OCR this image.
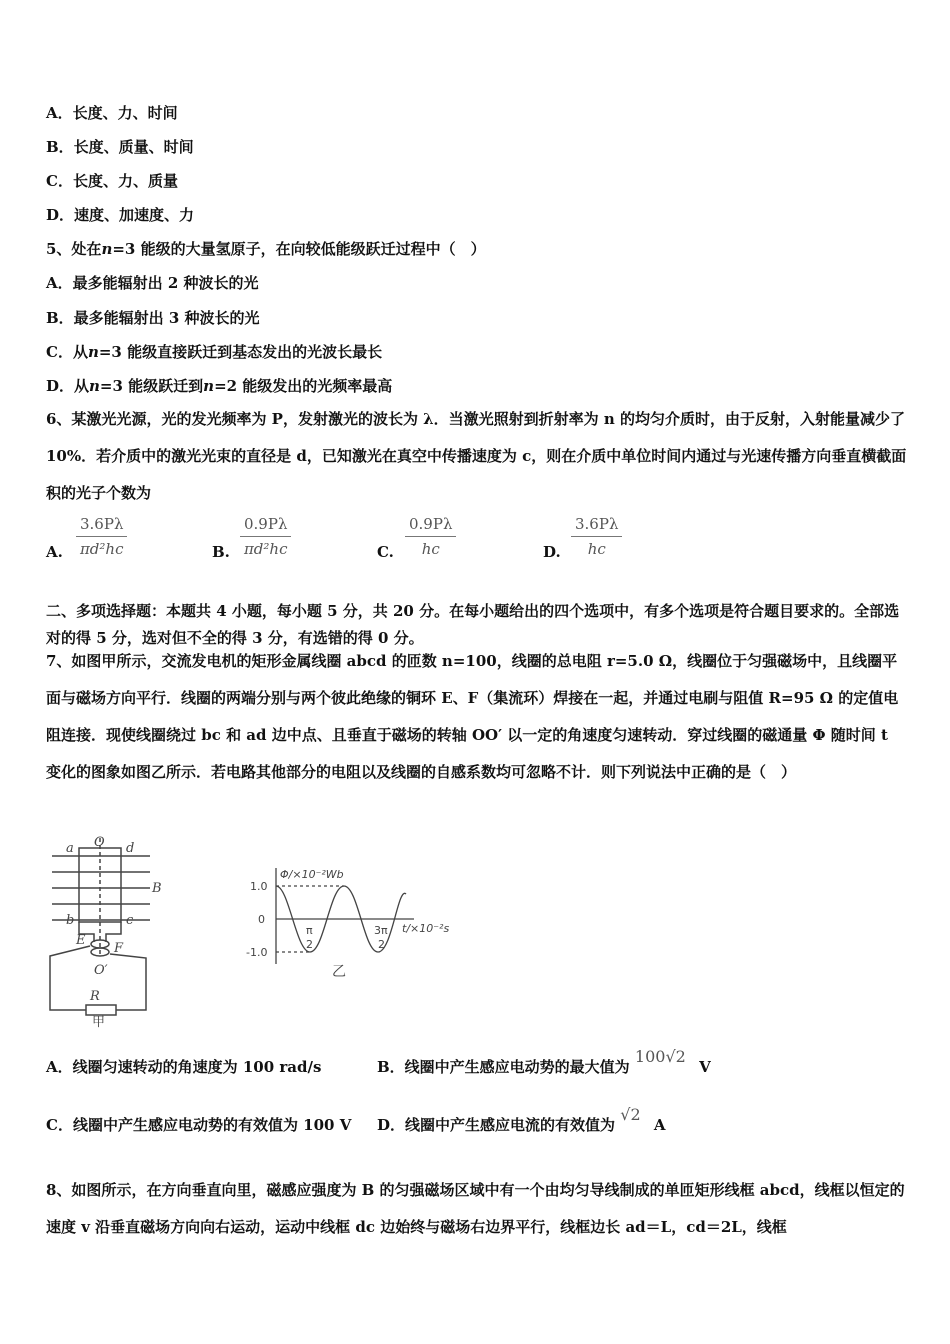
A．长度、力、时间
B．长度、质量、时间
C．长度、力、质量
D．速度、加速度、力
5、处在n=3 能级的大量氢原子，在向较低能级跃迁过程中（　）
A．最多能辐射出 2 种波长的光
B．最多能辐射出 3 种波长的光
C．从n=3 能级直接跃迁到基态发出的光波长最长
D．从n=3 能级跃迁到n=2 能级发出的光频率最高
6、某激光光源，光的发光频率为 P，发射激光的波长为 λ．当激光照射到折射率为 n 的均匀介质时，由于反射，入射能量减少了 10%．若介质中的激光光束的直径是 d，已知激光在真空中传播速度为 c，则在介质中单位时间内通过与光速传播方向垂直横截面积的光子个数为
A. $\frac{3.6P\lambda}{\text{πd²hc}}$	B. $\frac{0.9P\lambda}{\text{πd²hc}}$	C. $\frac{0.9P\lambda}{hc}$	D. $\frac{3.6P\lambda}{hc}$
二、多项选择题：本题共 4 小题，每小题 5 分，共 20 分。在每小题给出的四个选项中，有多个选项是符合题目要求的。全部选对的得 5 分，选对但不全的得 3 分，有选错的得 0 分。
7、如图甲所示，交流发电机的矩形金属线圈 abcd 的匝数 n=100，线圈的总电阻 r=5.0 Ω，线圈位于匀强磁场中，且线圈平面与磁场方向平行．线圈的两端分别与两个彼此绝缘的铜环 E、F（集流环）焊接在一起，并通过电刷与阻值 R=95 Ω 的定值电阻连接．现使线圈绕过 bc 和 ad 边中点、且垂直于磁场的转轴 OO′ 以一定的角速度匀速转动．穿过线圈的磁通量 Φ 随时间 t 变化的图象如图乙所示．若电路其他部分的电阻以及线圈的自感系数均可忽略不计．则下列说法中正确的是（　）
a O d
B
b	c
E
F
O′
R
甲
Φ/×10⁻²Wb
1.0
0
-1.0
t/×10⁻²s
π
2
3π
2
乙
A．线圈匀速转动的角速度为 100 rad/s	B．线圈中产生感应电动势的最大值为 100√2 V
C．线圈中产生感应电动势的有效值为 100 V D．线圈中产生感应电流的有效值为 √2 A
8、如图所示，在方向垂直向里，磁感应强度为 B 的匀强磁场区域中有一个由均匀导线制成的单匝矩形线框 abcd，线框以恒定的速度 v 沿垂直磁场方向向右运动，运动中线框 dc 边始终与磁场右边界平行，线框边长 ad＝L，cd＝2L，线框
